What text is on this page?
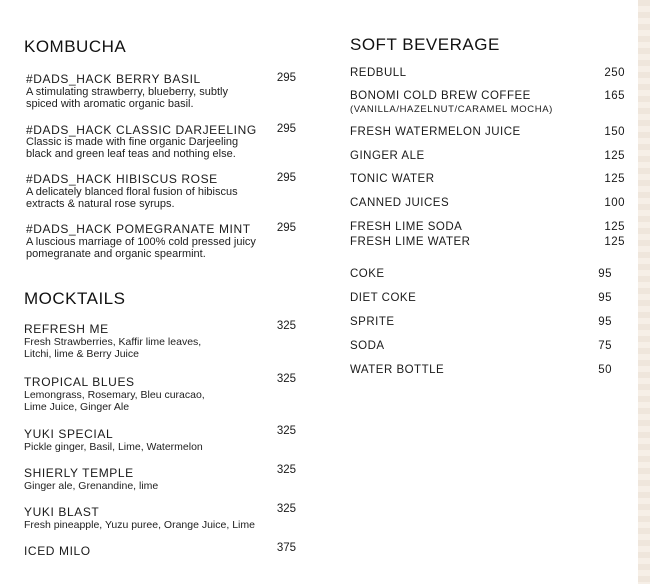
KOMBUCHA
#DADS_HACK BERRY BASIL
A stimulating strawberry, blueberry, subtly
spiced with aromatic organic basil.
295
#DADS_HACK CLASSIC DARJEELING
Classic is made with fine organic Darjeeling
black and green leaf teas and nothing else.
295
#DADS_HACK HIBISCUS ROSE
A delicately blanced floral fusion of hibiscus
extracts & natural rose syrups.
295
#DADS_HACK POMEGRANATE MINT
A luscious marriage of 100% cold pressed juicy
pomegranate and organic spearmint.
295
MOCKTAILS
REFRESH ME
Fresh Strawberries, Kaffir lime leaves,
Litchi, lime & Berry Juice
325
TROPICAL BLUES
Lemongrass, Rosemary, Bleu curacao,
Lime Juice, Ginger Ale
325
YUKI SPECIAL
Pickle ginger, Basil, Lime, Watermelon
325
SHIERLY TEMPLE
Ginger ale, Grenandine, lime
325
YUKI BLAST
Fresh pineapple, Yuzu puree, Orange Juice, Lime
325
ICED MILO	375
SOFT BEVERAGE
REDBULL	250
BONOMI COLD BREW COFFEE	165
(VANILLA/HAZELNUT/CARAMEL MOCHA)
FRESH WATERMELON JUICE	150
GINGER ALE	125
TONIC WATER	125
CANNED JUICES	100
FRESH LIME SODA	125
FRESH LIME WATER	125
COKE	95
DIET COKE	95
SPRITE	95
SODA	75
WATER BOTTLE	50
